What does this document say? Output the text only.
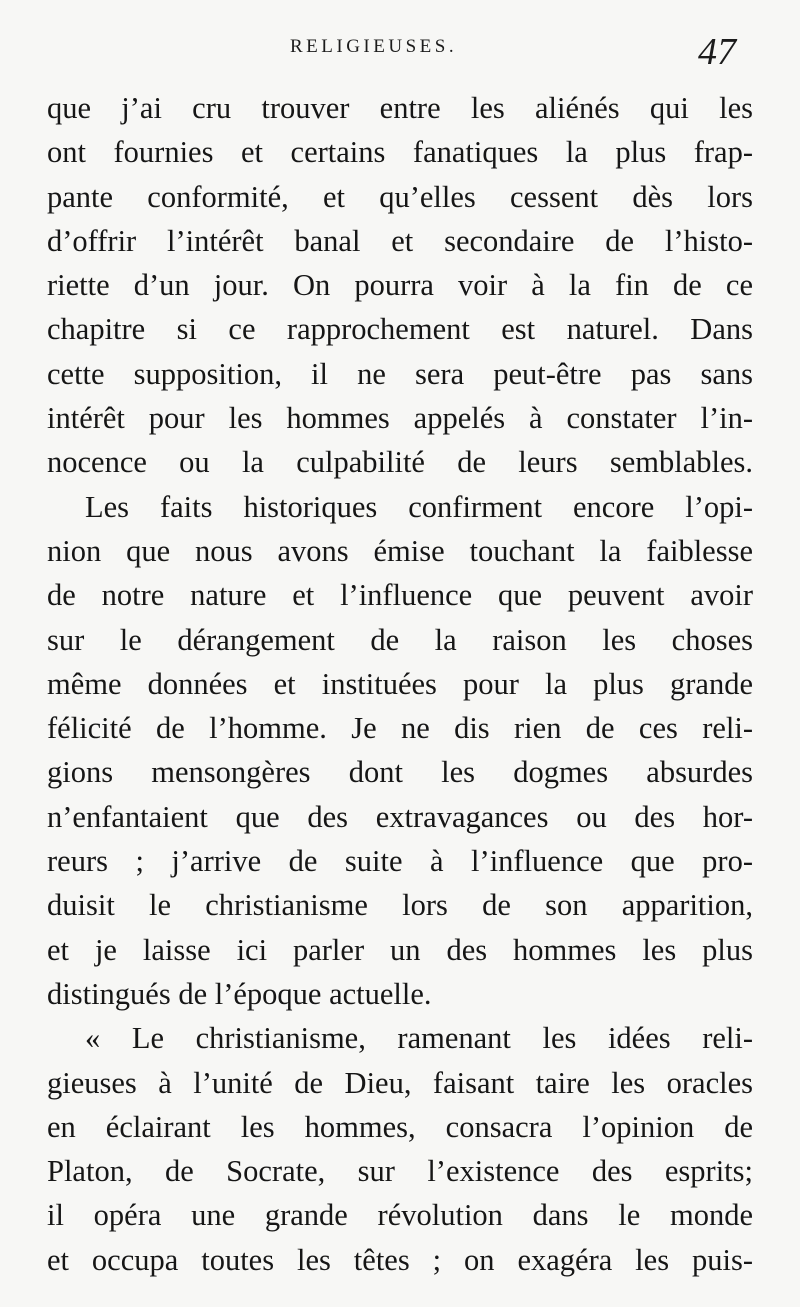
RELIGIEUSES.	47
que j’ai cru trouver entre les aliénés qui les
ont fournies et certains fanatiques la plus frap-
pante conformité, et qu’elles cessent dès lors
d’offrir l’intérêt banal et secondaire de l’histo-
riette d’un jour. On pourra voir à la fin de ce
chapitre si ce rapprochement est naturel. Dans
cette supposition, il ne sera peut-être pas sans
intérêt pour les hommes appelés à constater l’in-
nocence ou la culpabilité de leurs semblables.
Les faits historiques confirment encore l’opi-
nion que nous avons émise touchant la faiblesse
de notre nature et l’influence que peuvent avoir
sur le dérangement de la raison les choses
même données et instituées pour la plus grande
félicité de l’homme. Je ne dis rien de ces reli-
gions mensongères dont les dogmes absurdes
n’enfantaient que des extravagances ou des hor-
reurs ; j’arrive de suite à l’influence que pro-
duisit le christianisme lors de son apparition,
et je laisse ici parler un des hommes les plus
distingués de l’époque actuelle.
« Le christianisme, ramenant les idées reli-
gieuses à l’unité de Dieu, faisant taire les oracles
en éclairant les hommes, consacra l’opinion de
Platon, de Socrate, sur l’existence des esprits;
il opéra une grande révolution dans le monde
et occupa toutes les têtes ; on exagéra les puis-
